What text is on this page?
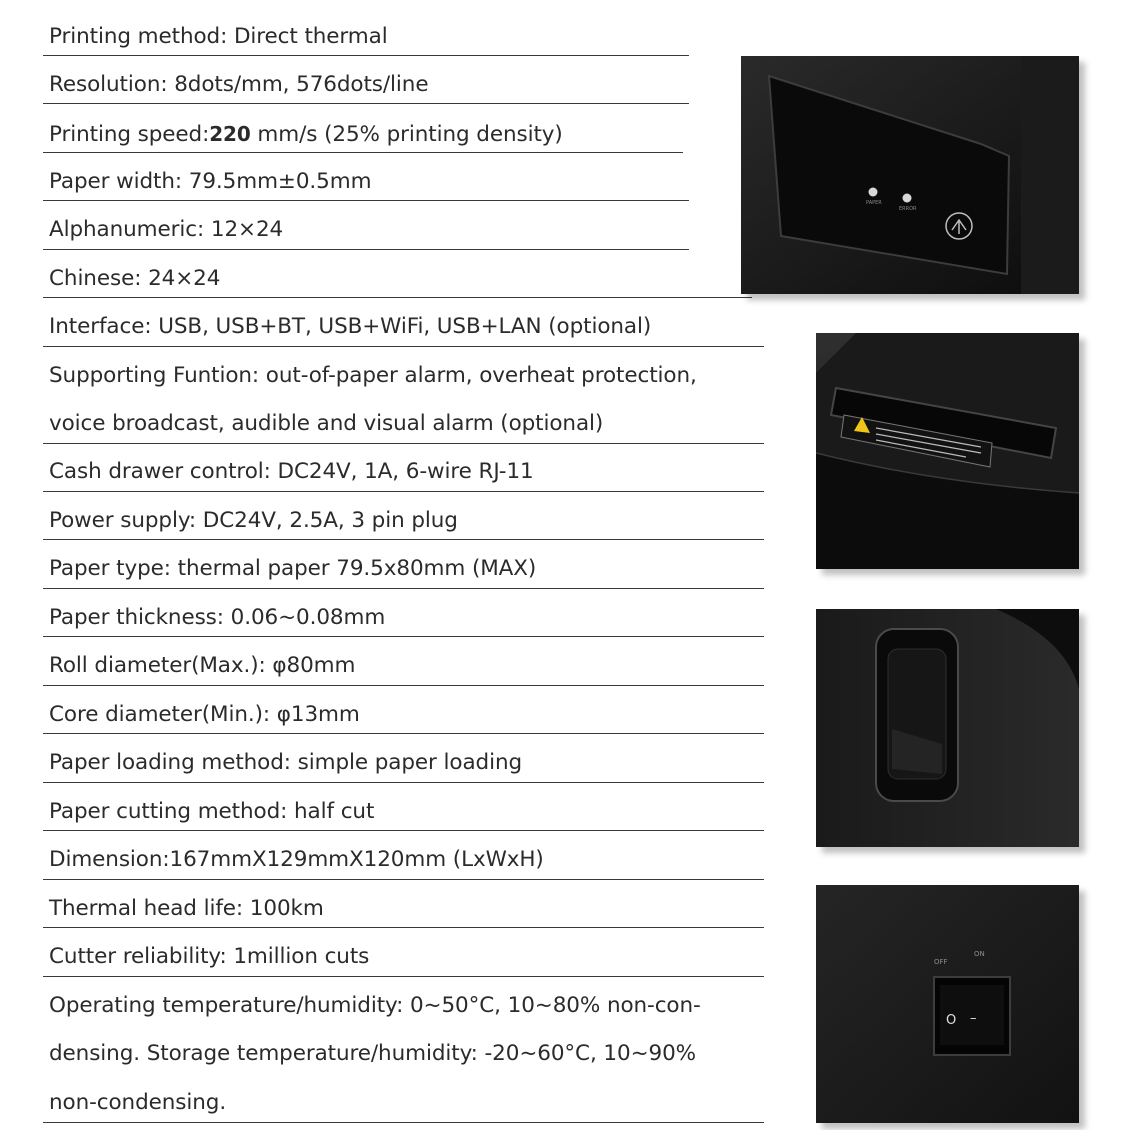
Printing method: Direct thermal
Resolution: 8dots/mm, 576dots/line
Printing speed:220 mm/s (25% printing density)
Paper width: 79.5mm±0.5mm
Alphanumeric: 12×24
Chinese: 24×24
Interface: USB, USB+BT, USB+WiFi, USB+LAN (optional)
Supporting Funtion: out-of-paper alarm, overheat protection,
voice broadcast, audible and visual alarm (optional)
Cash drawer control: DC24V, 1A, 6-wire RJ-11
Power supply: DC24V, 2.5A, 3 pin plug
Paper type: thermal paper 79.5x80mm (MAX)
Paper thickness: 0.06~0.08mm
Roll diameter(Max.): φ80mm
Core diameter(Min.): φ13mm
Paper loading method: simple paper loading
Paper cutting method: half cut
Dimension:167mmX129mmX120mm (LxWxH)
Thermal head life: 100km
Cutter reliability: 1million cuts
Operating temperature/humidity: 0~50°C, 10~80% non-con-
densing. Storage temperature/humidity: -20~60°C, 10~90%
non-condensing.
PAPER
ERROR
OFF
ON
O –
